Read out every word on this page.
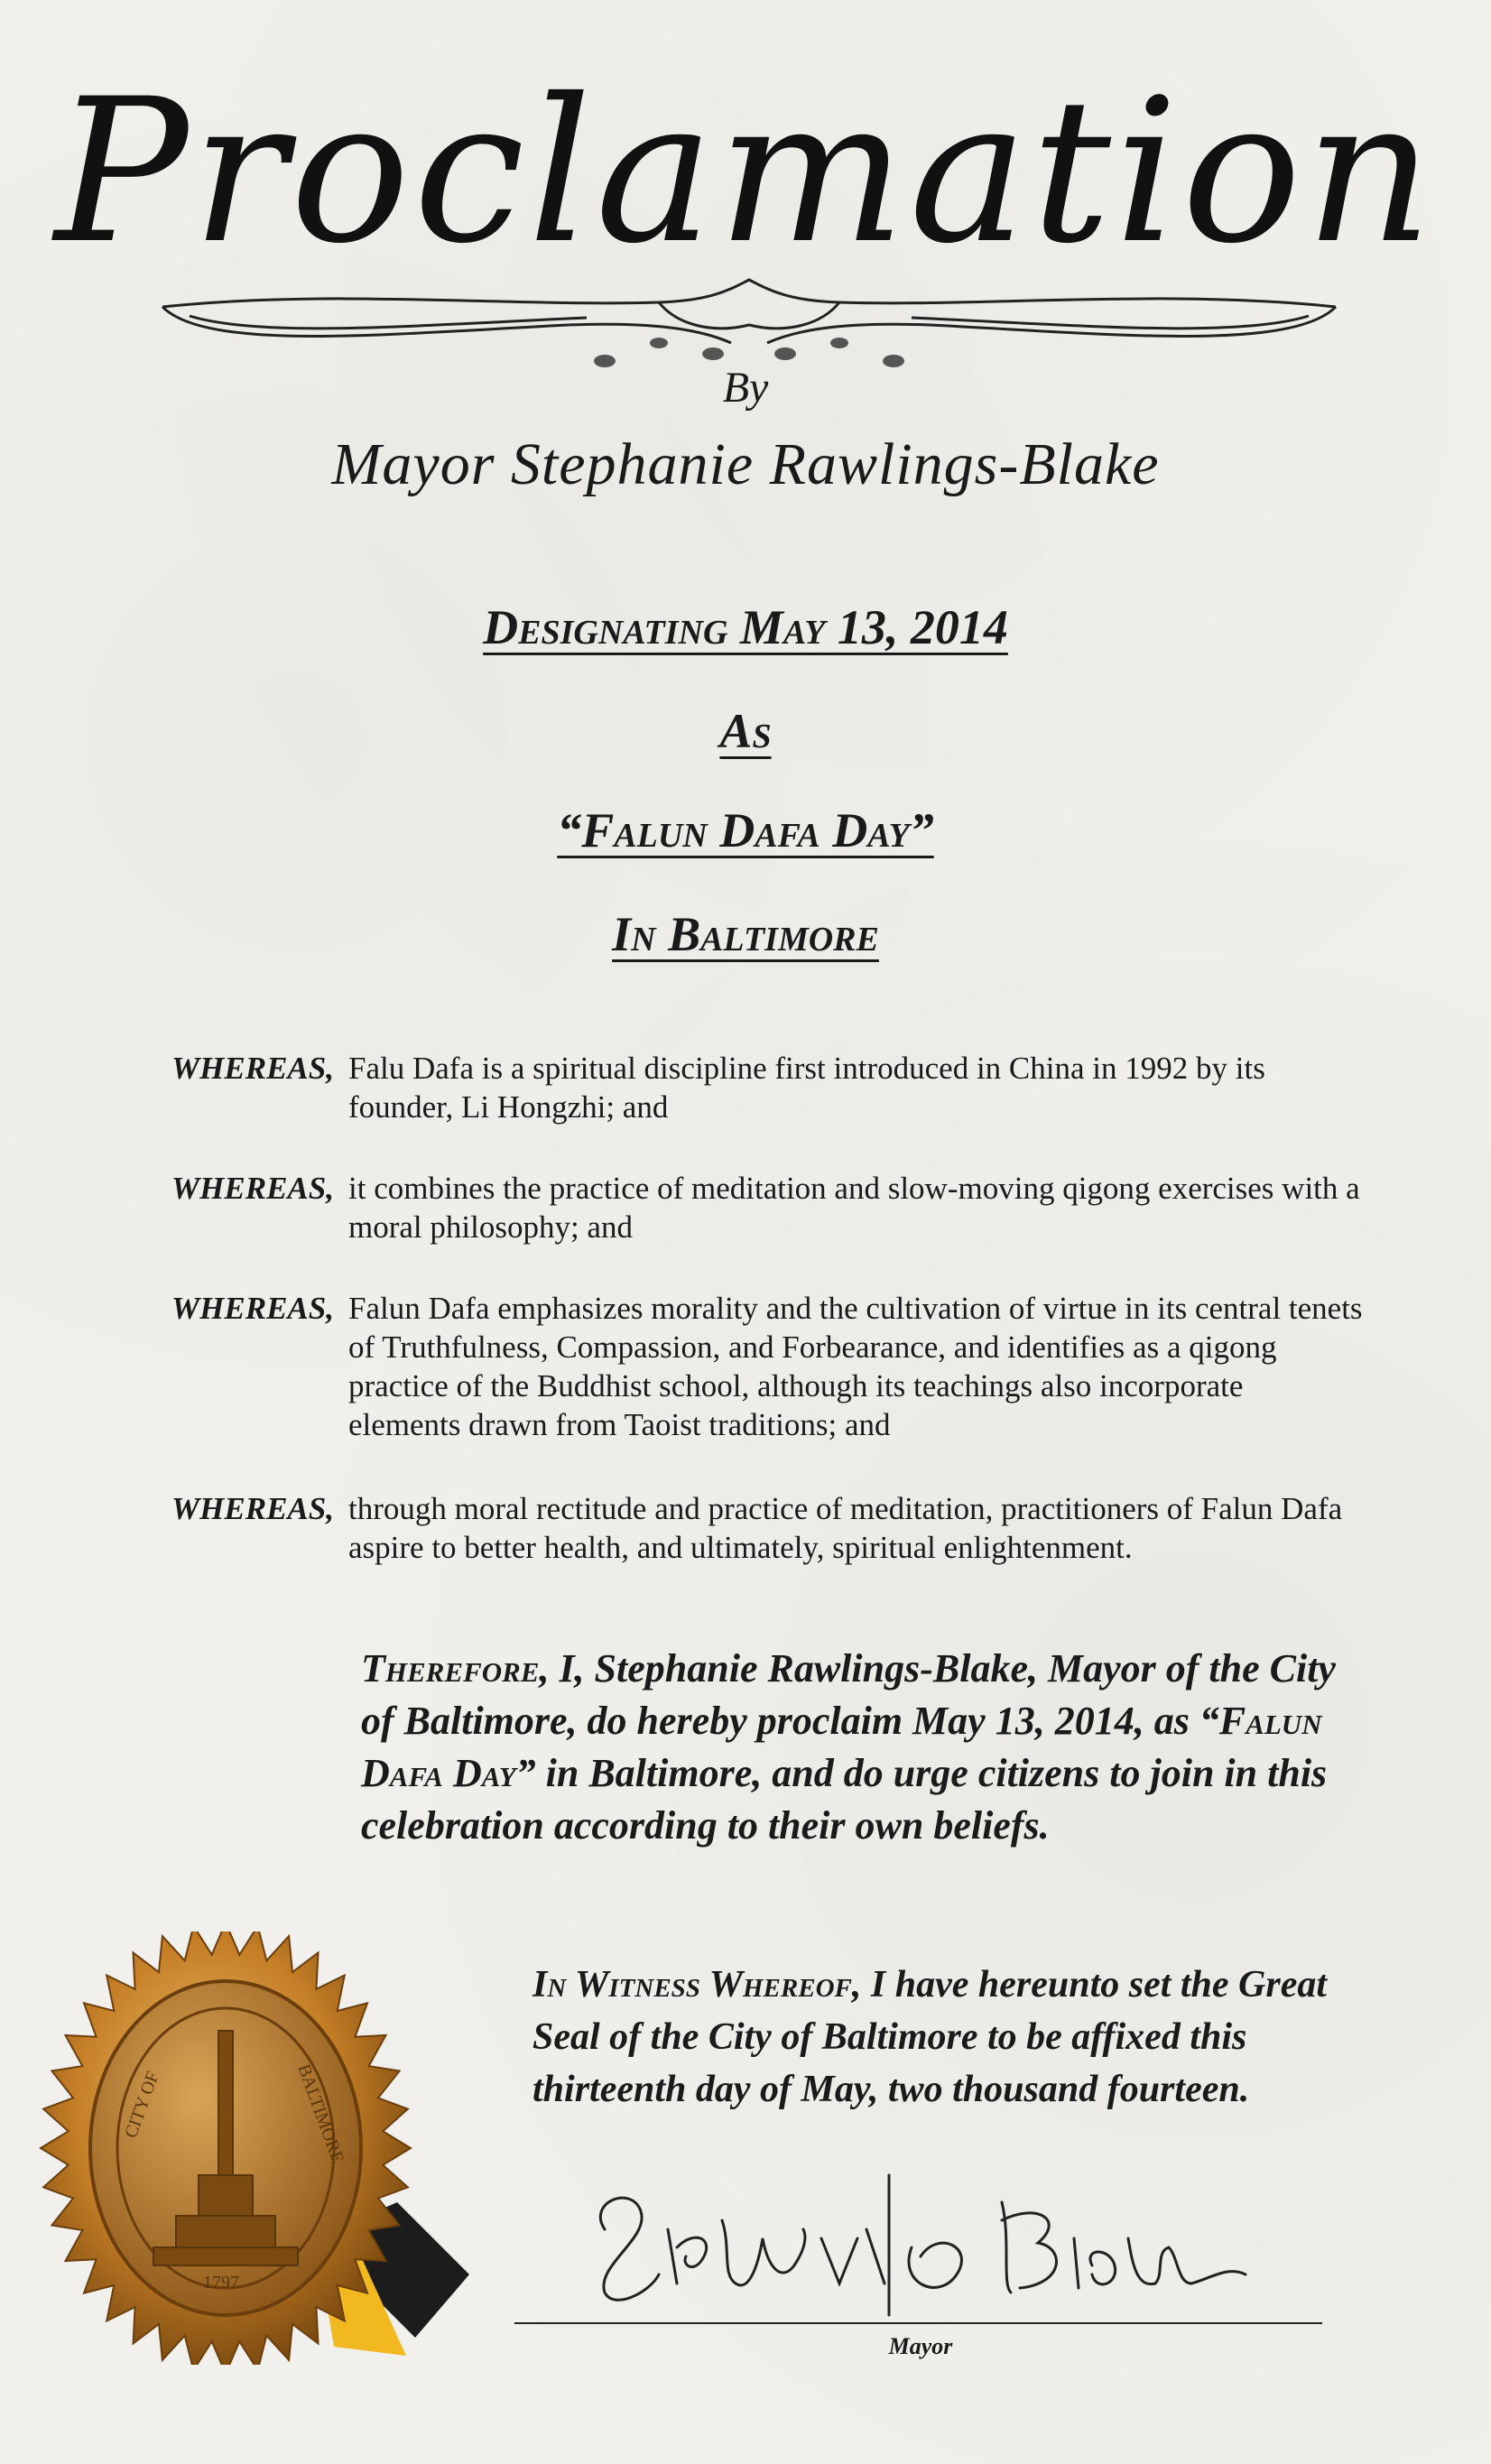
Proclamation
By
Mayor Stephanie Rawlings-Blake
Designating May 13, 2014
As
“Falun Dafa Day”
In Baltimore
WHEREAS, Falu Dafa is a spiritual discipline first introduced in China in 1992 by its founder, Li Hongzhi; and
WHEREAS, it combines the practice of meditation and slow-moving qigong exercises with a moral philosophy; and
WHEREAS, Falun Dafa emphasizes morality and the cultivation of virtue in its central tenets of Truthfulness, Compassion, and Forbearance, and identifies as a qigong practice of the Buddhist school, although its teachings also incorporate elements drawn from Taoist traditions; and
WHEREAS, through moral rectitude and practice of meditation, practitioners of Falun Dafa aspire to better health, and ultimately, spiritual enlightenment.
Therefore, I, Stephanie Rawlings-Blake, Mayor of the City of Baltimore, do hereby proclaim May 13, 2014, as “Falun Dafa Day” in Baltimore, and do urge citizens to join in this celebration according to their own beliefs.
In Witness Whereof, I have hereunto set the Great Seal of the City of Baltimore to be affixed this thirteenth day of May, two thousand fourteen.
CITY OF	BALTIMORE
1797
Mayor
